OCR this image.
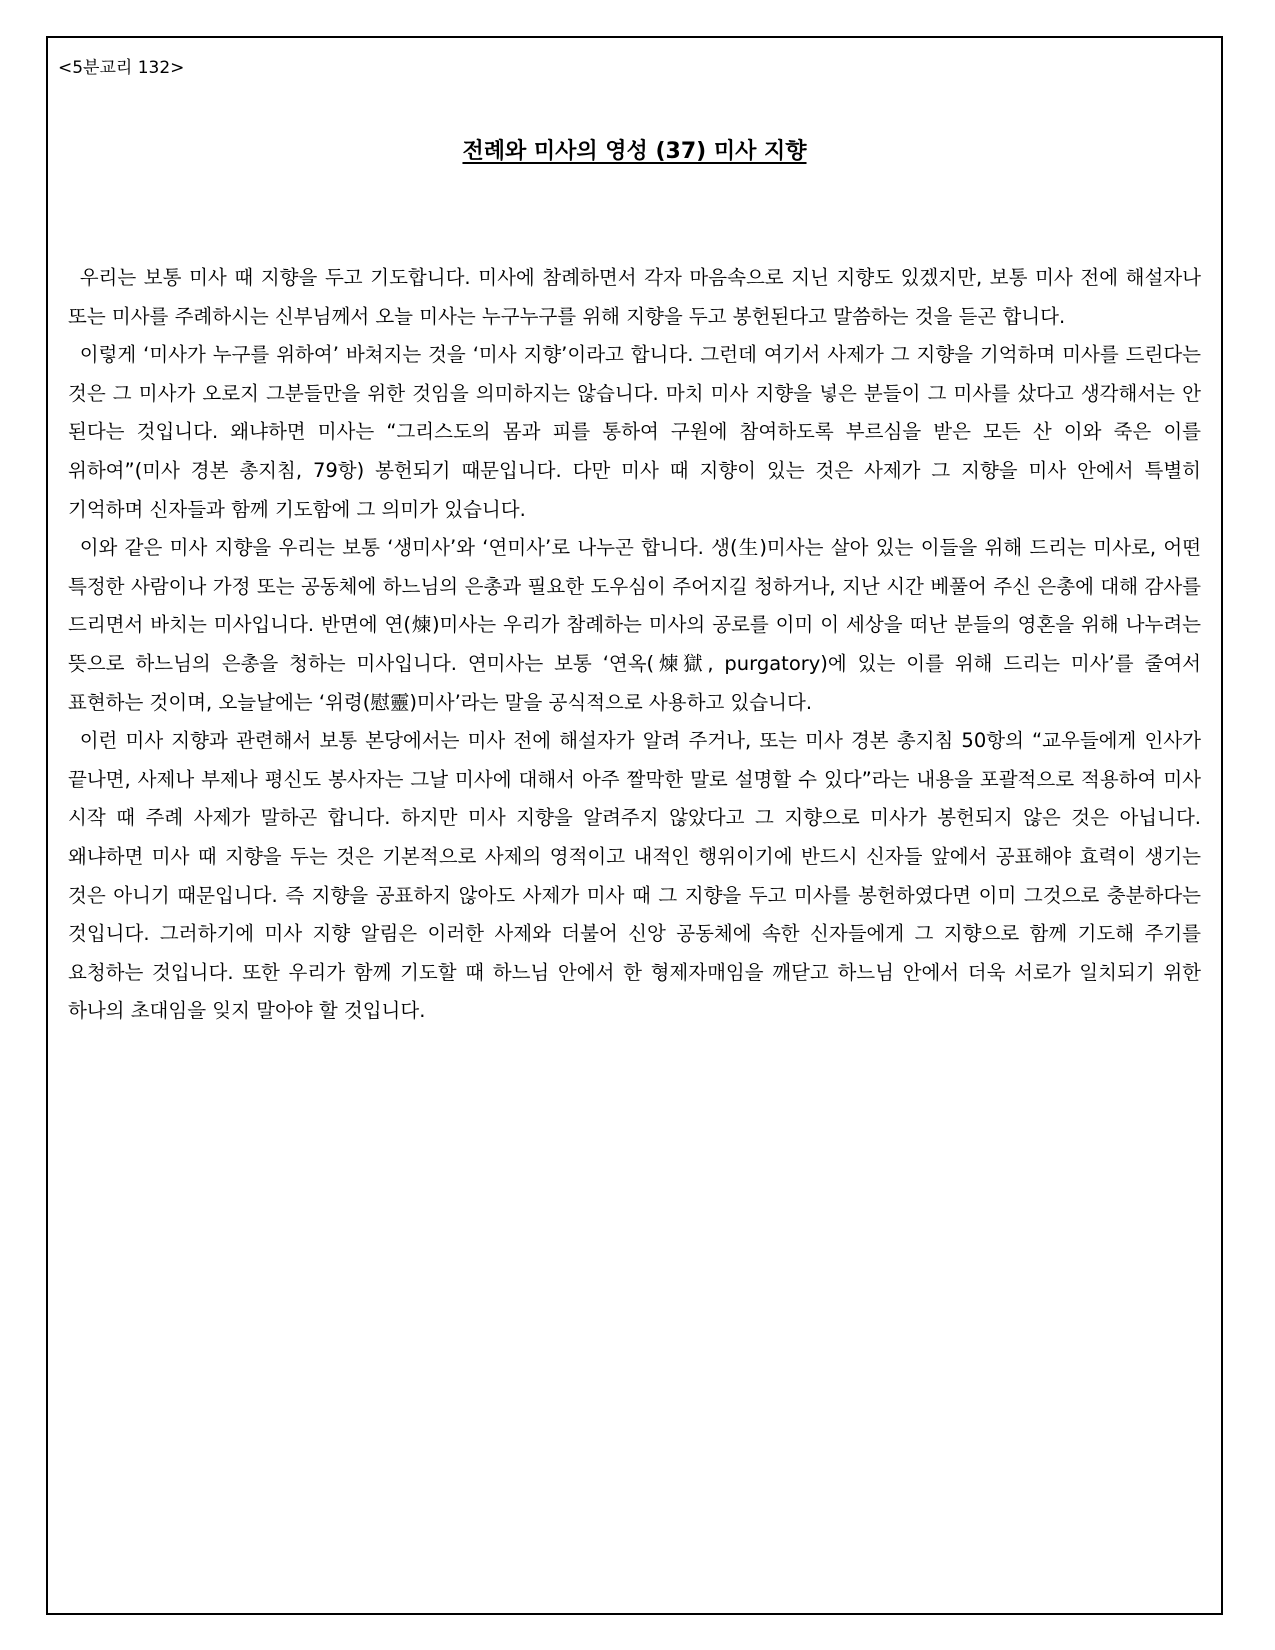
<5분교리 132>
전례와 미사의 영성 (37) 미사 지향

우리는 보통 미사 때 지향을 두고 기도합니다. 미사에 참례하면서 각자 마음속으로 지닌 지향도 있겠지만, 보통 미사 전에 해설자나 또는 미사를 주례하시는 신부님께서 오늘 미사는 누구누구를 위해 지향을 두고 봉헌된다고 말씀하는 것을 듣곤 합니다.

이렇게 ‘미사가 누구를 위하여’ 바쳐지는 것을 ‘미사 지향’이라고 합니다. 그런데 여기서 사제가 그 지향을 기억하며 미사를 드린다는 것은 그 미사가 오로지 그분들만을 위한 것임을 의미하지는 않습니다. 마치 미사 지향을 넣은 분들이 그 미사를 샀다고 생각해서는 안 된다는 것입니다. 왜냐하면 미사는 “그리스도의 몸과 피를 통하여 구원에 참여하도록 부르심을 받은 모든 산 이와 죽은 이를 위하여”(미사 경본 총지침, 79항) 봉헌되기 때문입니다. 다만 미사 때 지향이 있는 것은 사제가 그 지향을 미사 안에서 특별히 기억하며 신자들과 함께 기도함에 그 의미가 있습니다.

이와 같은 미사 지향을 우리는 보통 ‘생미사’와 ‘연미사’로 나누곤 합니다. 생(生)미사는 살아 있는 이들을 위해 드리는 미사로, 어떤 특정한 사람이나 가정 또는 공동체에 하느님의 은총과 필요한 도우심이 주어지길 청하거나, 지난 시간 베풀어 주신 은총에 대해 감사를 드리면서 바치는 미사입니다. 반면에 연(煉)미사는 우리가 참례하는 미사의 공로를 이미 이 세상을 떠난 분들의 영혼을 위해 나누려는 뜻으로 하느님의 은총을 청하는 미사입니다. 연미사는 보통 ‘연옥(煉獄, purgatory)에 있는 이를 위해 드리는 미사’를 줄여서 표현하는 것이며, 오늘날에는 ‘위령(慰靈)미사’라는 말을 공식적으로 사용하고 있습니다.

이런 미사 지향과 관련해서 보통 본당에서는 미사 전에 해설자가 알려 주거나, 또는 미사 경본 총지침 50항의 “교우들에게 인사가 끝나면, 사제나 부제나 평신도 봉사자는 그날 미사에 대해서 아주 짤막한 말로 설명할 수 있다”라는 내용을 포괄적으로 적용하여 미사 시작 때 주례 사제가 말하곤 합니다. 하지만 미사 지향을 알려주지 않았다고 그 지향으로 미사가 봉헌되지 않은 것은 아닙니다. 왜냐하면 미사 때 지향을 두는 것은 기본적으로 사제의 영적이고 내적인 행위이기에 반드시 신자들 앞에서 공표해야 효력이 생기는 것은 아니기 때문입니다. 즉 지향을 공표하지 않아도 사제가 미사 때 그 지향을 두고 미사를 봉헌하였다면 이미 그것으로 충분하다는 것입니다. 그러하기에 미사 지향 알림은 이러한 사제와 더불어 신앙 공동체에 속한 신자들에게 그 지향으로 함께 기도해 주기를 요청하는 것입니다. 또한 우리가 함께 기도할 때 하느님 안에서 한 형제자매임을 깨닫고 하느님 안에서 더욱 서로가 일치되기 위한 하나의 초대임을 잊지 말아야 할 것입니다.
